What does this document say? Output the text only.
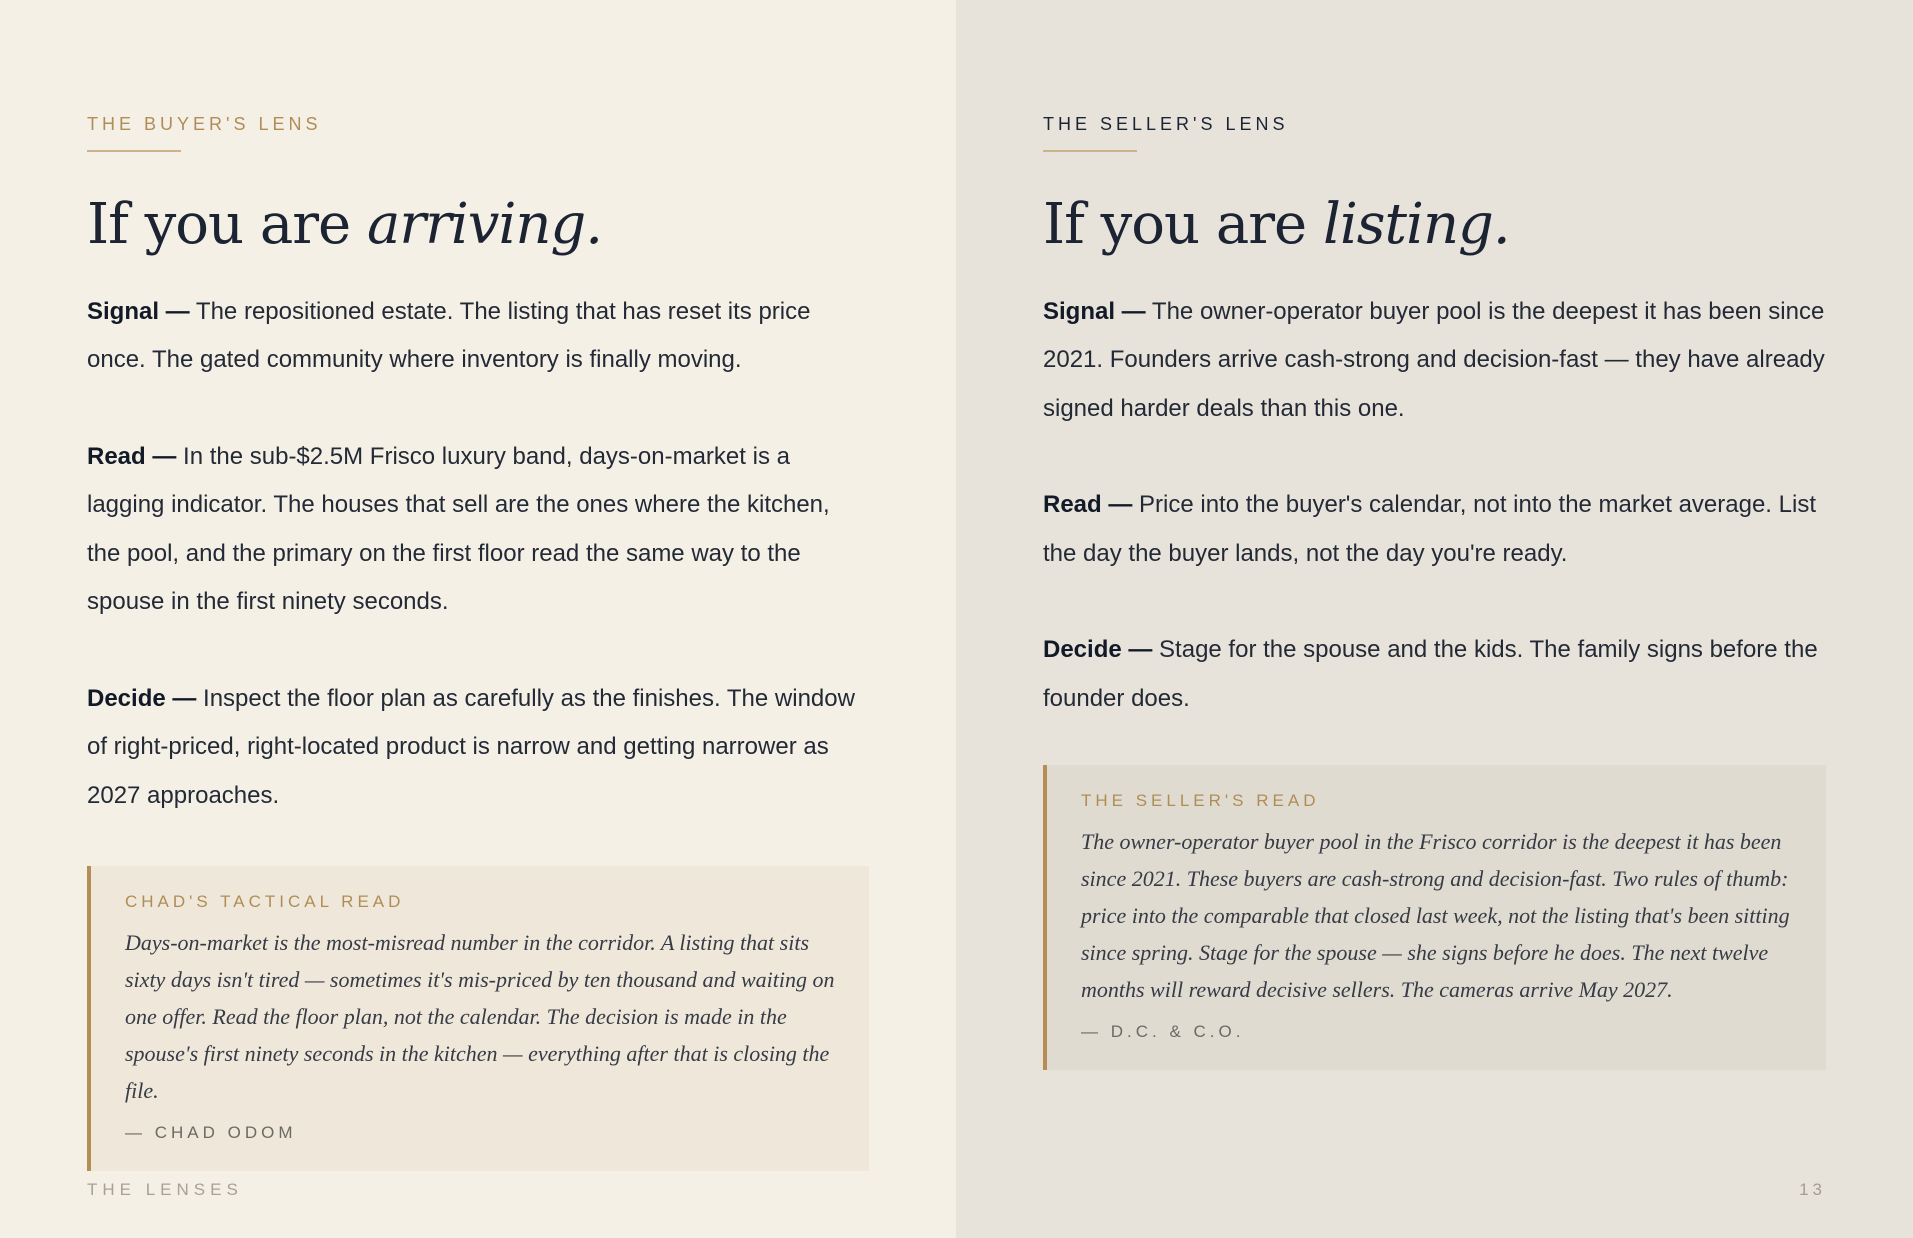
THE BUYER'S LENS
If you are arriving.

Signal — The repositioned estate. The listing that has reset its price once. The gated community where inventory is finally moving.

Read — In the sub-$2.5M Frisco luxury band, days-on-market is a lagging indicator. The houses that sell are the ones where the kitchen, the pool, and the primary on the first floor read the same way to the spouse in the first ninety seconds.

Decide — Inspect the floor plan as carefully as the finishes. The window of right-priced, right-located product is narrow and getting narrower as 2027 approaches.

CHAD'S TACTICAL READ
Days-on-market is the most-misread number in the corridor. A listing that sits sixty days isn't tired — sometimes it's mis-priced by ten thousand and waiting on one offer. Read the floor plan, not the calendar. The decision is made in the spouse's first ninety seconds in the kitchen — everything after that is closing the file.
— CHAD ODOM
THE LENSES
THE SELLER'S LENS
If you are listing.

Signal — The owner-operator buyer pool is the deepest it has been since 2021. Founders arrive cash-strong and decision-fast — they have already signed harder deals than this one.

Read — Price into the buyer's calendar, not into the market average. List the day the buyer lands, not the day you're ready.

Decide — Stage for the spouse and the kids. The family signs before the founder does.

THE SELLER'S READ
The owner-operator buyer pool in the Frisco corridor is the deepest it has been since 2021. These buyers are cash-strong and decision-fast. Two rules of thumb: price into the comparable that closed last week, not the listing that's been sitting since spring. Stage for the spouse — she signs before he does. The next twelve months will reward decisive sellers. The cameras arrive May 2027.
— D.C. & C.O.
13
